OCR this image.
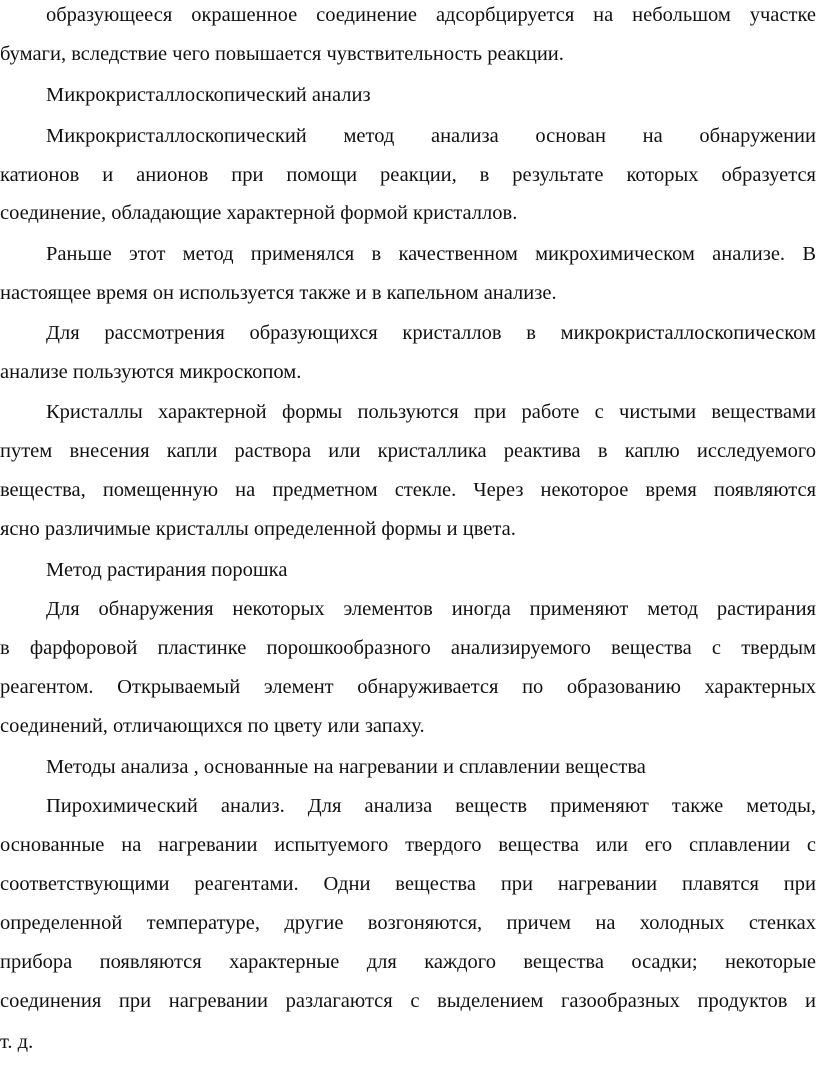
образующееся окрашенное соединение адсорбцируется на небольшом участке
бумаги, вследствие чего повышается чувствительность реакции.
Микрокристаллоскопический анализ
Микрокристаллоскопический метод анализа основан на обнаружении
катионов и анионов при помощи реакции, в результате которых образуется
соединение, обладающие характерной формой кристаллов.
Раньше этот метод применялся в качественном микрохимическом анализе. В
настоящее время он используется также и в капельном анализе.
Для рассмотрения образующихся кристаллов в микрокристаллоскопическом
анализе пользуются микроскопом.
Кристаллы характерной формы пользуются при работе с чистыми веществами
путем внесения капли раствора или кристаллика реактива в каплю исследуемого
вещества, помещенную на предметном стекле. Через некоторое время появляются
ясно различимые кристаллы определенной формы и цвета.
Метод растирания порошка
Для обнаружения некоторых элементов иногда применяют метод растирания
в фарфоровой пластинке порошкообразного анализируемого вещества с твердым
реагентом. Открываемый элемент обнаруживается по образованию характерных
соединений, отличающихся по цвету или запаху.
Методы анализа , основанные на нагревании и сплавлении вещества
Пирохимический анализ. Для анализа веществ применяют также методы,
основанные на нагревании испытуемого твердого вещества или его сплавлении с
соответствующими реагентами. Одни вещества при нагревании плавятся при
определенной температуре, другие возгоняются, причем на холодных стенках
прибора появляются характерные для каждого вещества осадки; некоторые
соединения при нагревании разлагаются с выделением газообразных продуктов и
т. д.
